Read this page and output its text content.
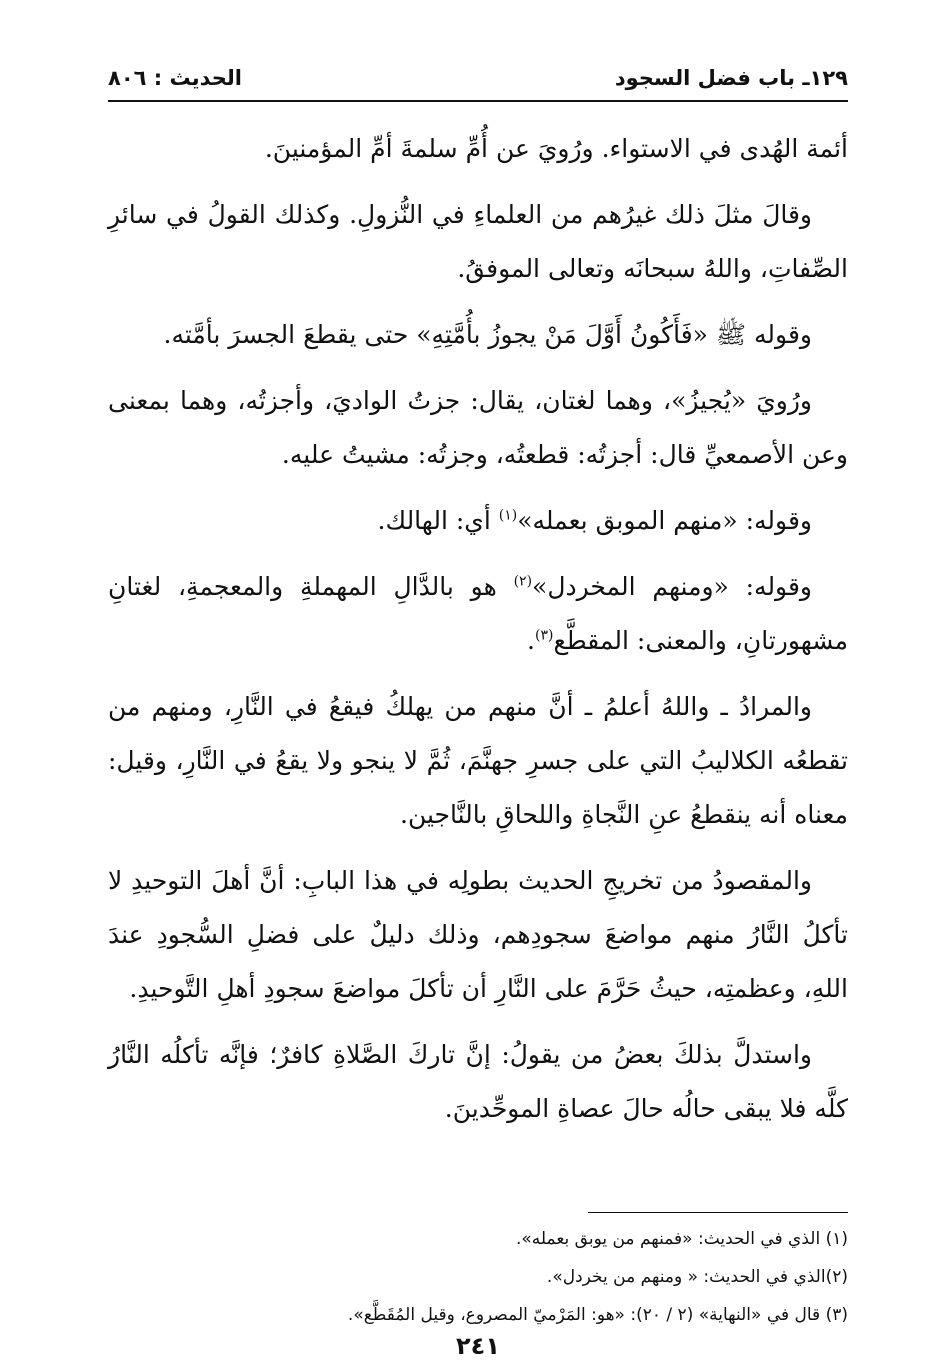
١٢٩ـ باب فضل السجود
الحديث : ٨٠٦

أئمة الهُدى في الاستواء. ورُويَ عن أُمِّ سلمةَ أمِّ المؤمنينَ.

وقالَ مثلَ ذلك غيرُهم من العلماءِ في النُّزولِ. وكذلك القولُ في سائرِ الصِّفاتِ، واللهُ سبحانَه وتعالى الموفقُ.

وقوله ﷺ «فَأَكُونُ أَوَّلَ مَنْ يجوزُ بأُمَّتِهِ» حتى يقطعَ الجسرَ بأمَّته.

ورُويَ «يُجيزُ»، وهما لغتان، يقال: جزتُ الواديَ، وأجزتُه، وهما بمعنى وعن الأصمعيِّ قال: أجزتُه: قطعتُه، وجزتُه: مشيتُ عليه.

وقوله: «منهم الموبق بعمله»$^{(١)}$ أي: الهالك.

وقوله: «ومنهم المخردل»$^{(٢)}$ هو بالدَّالِ المهملةِ والمعجمةِ، لغتانِ مشهورتانِ، والمعنى: المقطَّع$^{(٣)}$.

والمرادُ ـ واللهُ أعلمُ ـ أنَّ منهم من يهلكُ فيقعُ في النَّارِ، ومنهم من تقطعُه الكلاليبُ التي على جسرِ جهنَّمَ، ثُمَّ لا ينجو ولا يقعُ في النَّارِ، وقيل: معناه أنه ينقطعُ عنِ النَّجاةِ واللحاقِ بالنَّاجين.

والمقصودُ من تخريجِ الحديث بطولِه في هذا البابِ: أنَّ أهلَ التوحيدِ لا تأكلُ النَّارُ منهم مواضعَ سجودِهم، وذلك دليلٌ على فضلِ السُّجودِ عندَ اللهِ، وعظمتِه، حيثُ حَرَّمَ على النَّارِ أن تأكلَ مواضعَ سجودِ أهلِ التَّوحيدِ.

واستدلَّ بذلكَ بعضُ من يقولُ: إنَّ تاركَ الصَّلاةِ كافرٌ؛ فإنَّه تأكلُه النَّارُ كلَّه فلا يبقى حالُه حالَ عصاةِ الموحِّدينَ.

(١) الذي في الحديث: «فمنهم من يوبق بعمله».
(٢)الذي في الحديث: « ومنهم من يخردل».
(٣) قال في «النهاية» (٢ / ٢٠): «هو: المَرْميّ المصروع، وقيل المُقَطَّع».
٢٤١
